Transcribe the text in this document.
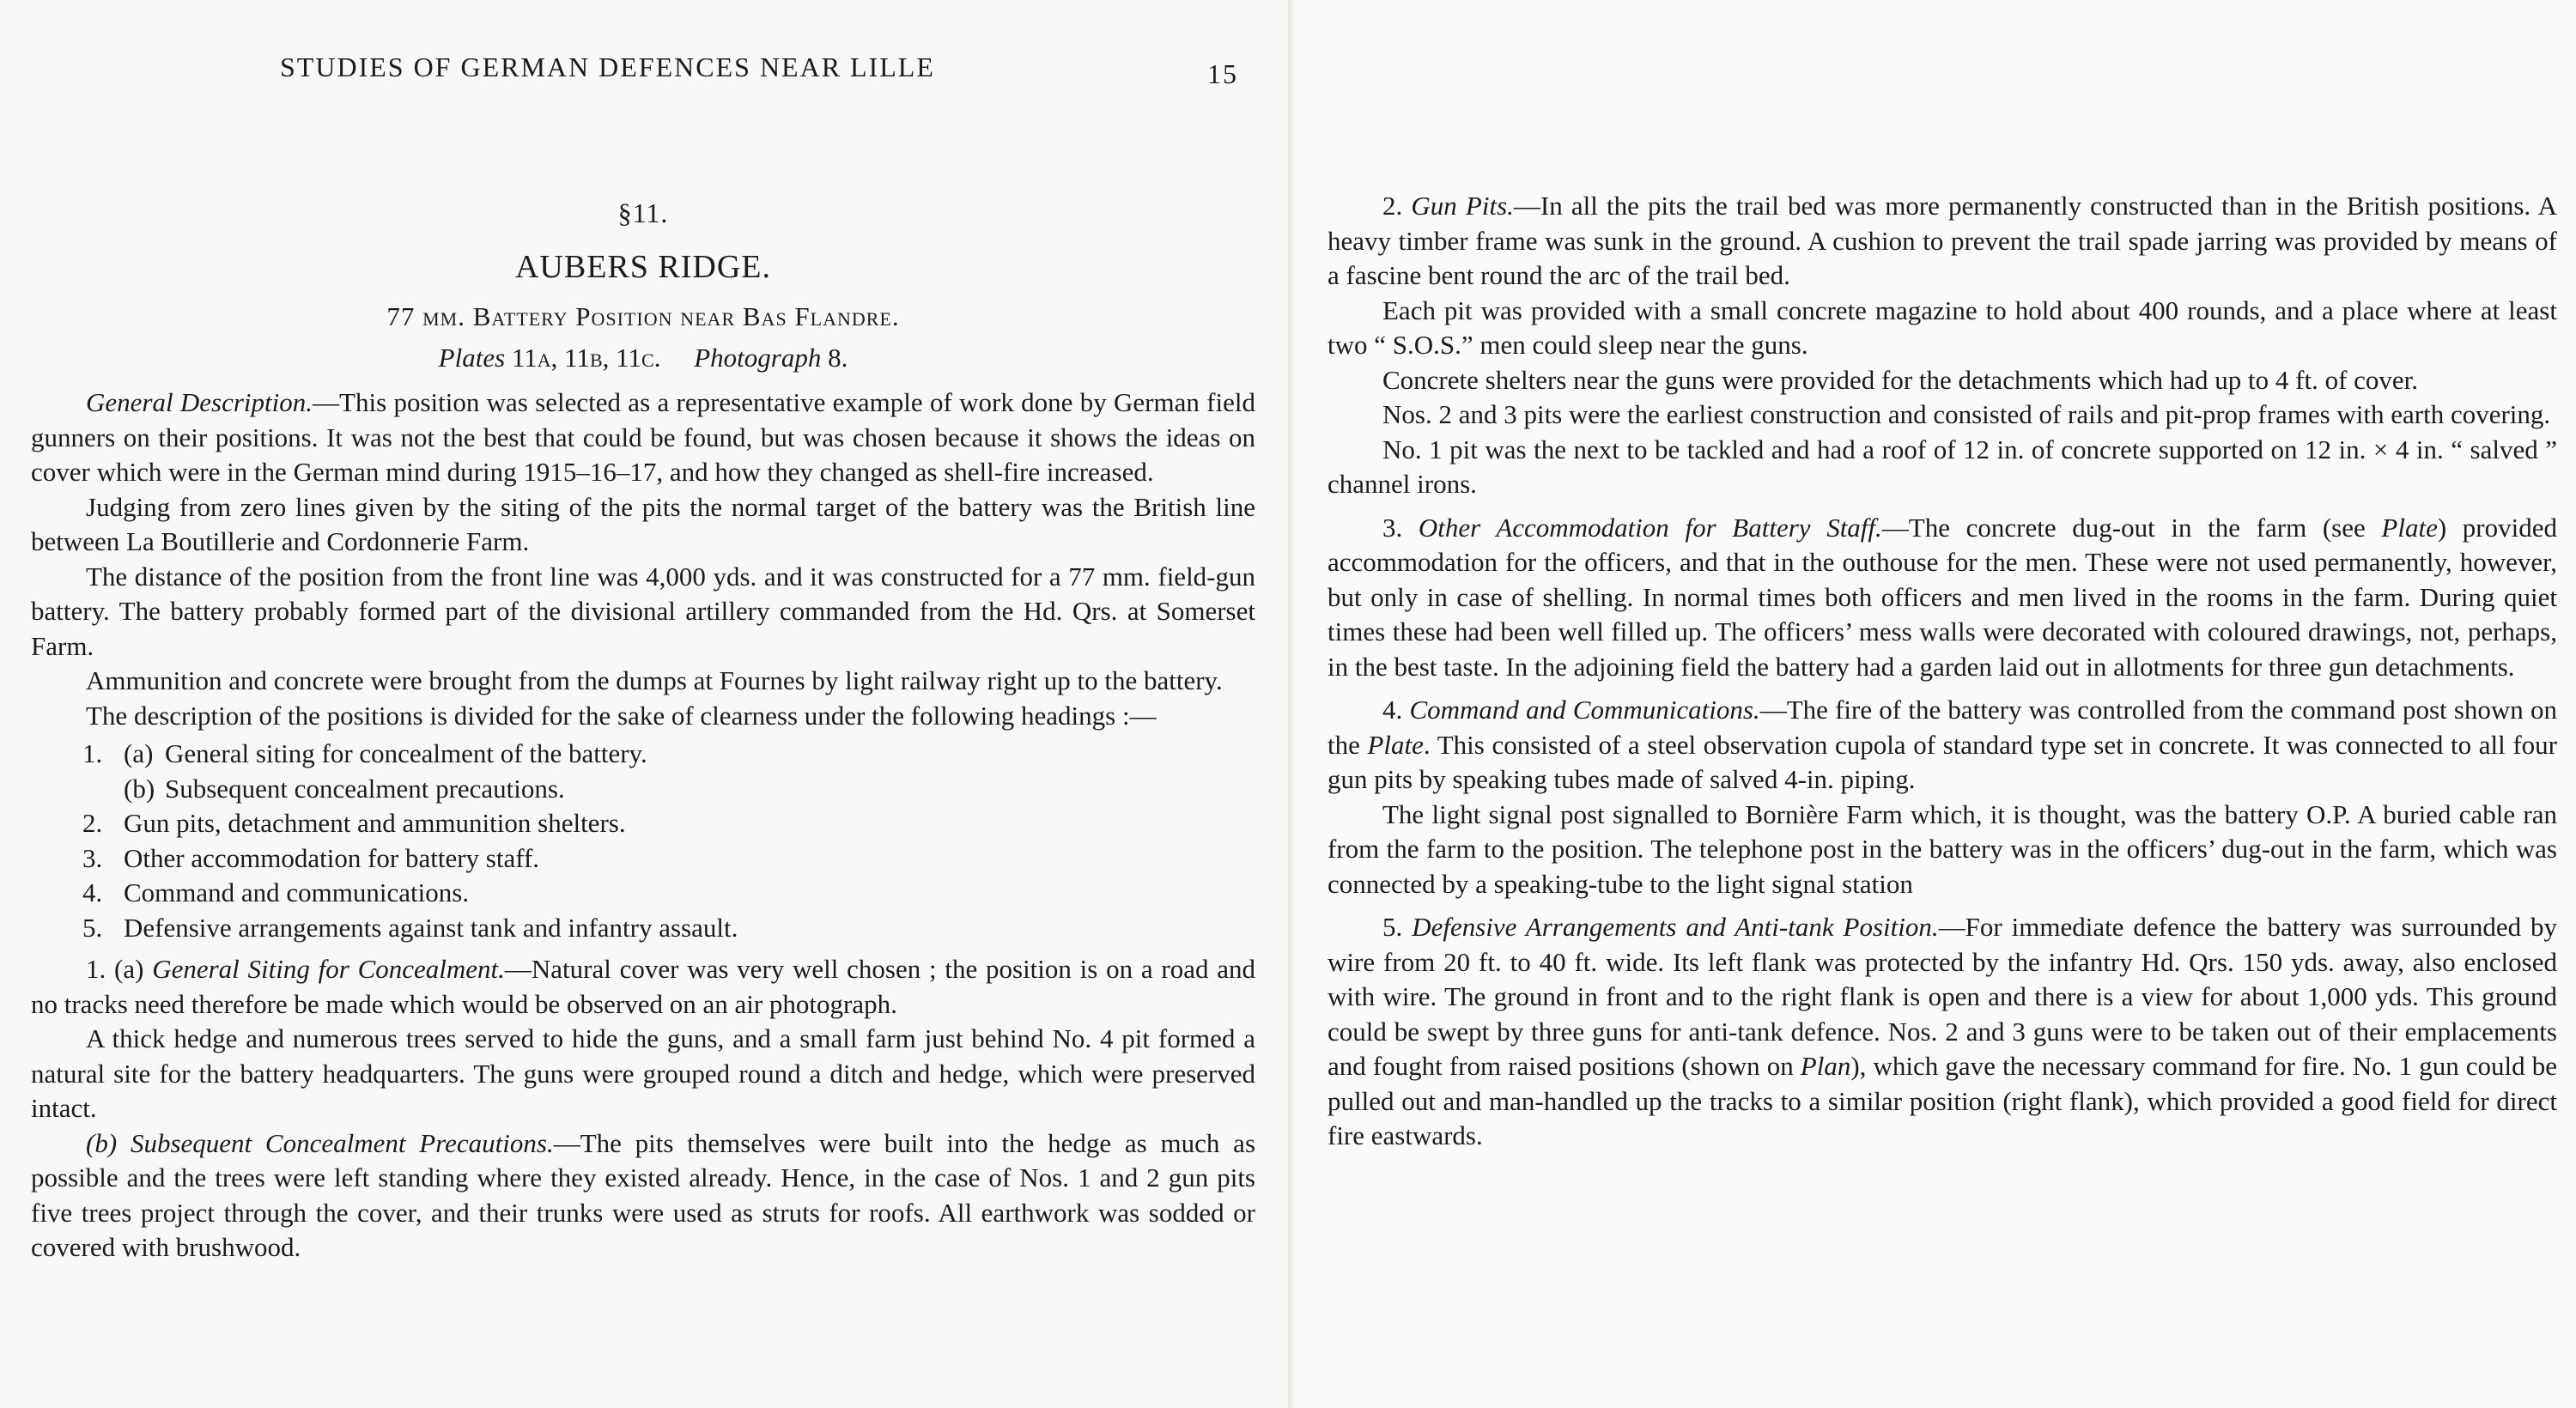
STUDIES OF GERMAN DEFENCES NEAR LILLE	15
§11.
AUBERS RIDGE.
77 mm. Battery Position near Bas Flandre.
Plates 11a, 11b, 11c. Photograph 8.

General Description.—This position was selected as a representative example of work done by German field gunners on their positions. It was not the best that could be found, but was chosen because it shows the ideas on cover which were in the German mind during 1915–16–17, and how they changed as shell-fire increased.

Judging from zero lines given by the siting of the pits the normal target of the battery was the British line between La Boutillerie and Cordonnerie Farm.

The distance of the position from the front line was 4,000 yds. and it was constructed for a 77 mm. field-gun battery. The battery probably formed part of the divisional artillery commanded from the Hd. Qrs. at Somerset Farm.

Ammunition and concrete were brought from the dumps at Fournes by light railway right up to the battery.

The description of the positions is divided for the sake of clearness under the following headings :—

1. (a) General siting for concealment of the battery.
(b) Subsequent concealment precautions.
2. Gun pits, detachment and ammunition shelters.
3. Other accommodation for battery staff.
4. Command and communications.
5. Defensive arrangements against tank and infantry assault.

1. (a) General Siting for Concealment.—Natural cover was very well chosen ; the position is on a road and no tracks need therefore be made which would be observed on an air photograph.

A thick hedge and numerous trees served to hide the guns, and a small farm just behind No. 4 pit formed a natural site for the battery headquarters. The guns were grouped round a ditch and hedge, which were preserved intact.

(b) Subsequent Concealment Precautions.—The pits themselves were built into the hedge as much as possible and the trees were left standing where they existed already. Hence, in the case of Nos. 1 and 2 gun pits five trees project through the cover, and their trunks were used as struts for roofs. All earthwork was sodded or covered with brushwood.

2. Gun Pits.—In all the pits the trail bed was more permanently constructed than in the British positions. A heavy timber frame was sunk in the ground. A cushion to prevent the trail spade jarring was provided by means of a fascine bent round the arc of the trail bed.

Each pit was provided with a small concrete magazine to hold about 400 rounds, and a place where at least two “ S.O.S.” men could sleep near the guns.

Concrete shelters near the guns were provided for the detachments which had up to 4 ft. of cover.

Nos. 2 and 3 pits were the earliest construction and consisted of rails and pit-prop frames with earth covering.

No. 1 pit was the next to be tackled and had a roof of 12 in. of concrete supported on 12 in. × 4 in. “ salved ” channel irons.

3. Other Accommodation for Battery Staff.—The concrete dug-out in the farm (see Plate) provided accommodation for the officers, and that in the outhouse for the men. These were not used permanently, however, but only in case of shelling. In normal times both officers and men lived in the rooms in the farm. During quiet times these had been well filled up. The officers’ mess walls were decorated with coloured drawings, not, perhaps, in the best taste. In the adjoining field the battery had a garden laid out in allotments for three gun detachments.

4. Command and Communications.—The fire of the battery was controlled from the command post shown on the Plate. This consisted of a steel observation cupola of standard type set in concrete. It was connected to all four gun pits by speaking tubes made of salved 4-in. piping.

The light signal post signalled to Bornière Farm which, it is thought, was the battery O.P. A buried cable ran from the farm to the position. The telephone post in the battery was in the officers’ dug-out in the farm, which was connected by a speaking-tube to the light signal station

5. Defensive Arrangements and Anti-tank Position.—For immediate defence the battery was surrounded by wire from 20 ft. to 40 ft. wide. Its left flank was protected by the infantry Hd. Qrs. 150 yds. away, also enclosed with wire. The ground in front and to the right flank is open and there is a view for about 1,000 yds. This ground could be swept by three guns for anti-tank defence. Nos. 2 and 3 guns were to be taken out of their emplacements and fought from raised positions (shown on Plan), which gave the necessary command for fire. No. 1 gun could be pulled out and man-handled up the tracks to a similar position (right flank), which provided a good field for direct fire eastwards.
